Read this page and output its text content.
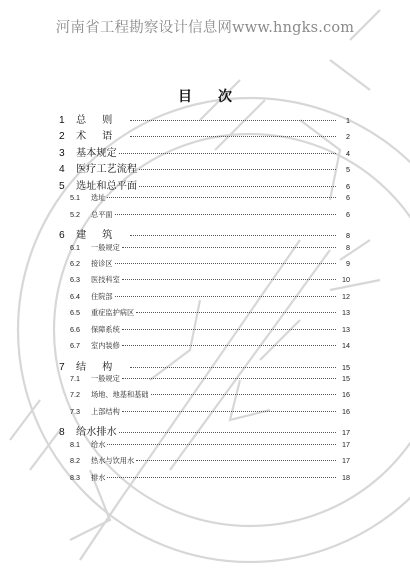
河南省工程勘察设计信息网www.hngks.com
目次
1	总则	1
2	术语	2
3	基本规定	4
4	医疗工艺流程	5
5	选址和总平面	6
5.1	选址	6
5.2	总平面	6
6	建筑	8
6.1	一般规定	8
6.2	接诊区	9
6.3	医技科室	10
6.4	住院部	12
6.5	重症监护病区	13
6.6	保障系统	13
6.7	室内装修	14
7	结构	15
7.1	一般规定	15
7.2	场地、地基和基础	16
7.3	上部结构	16
8	给水排水	17
8.1	给水	17
8.2	热水与饮用水	17
8.3	排水	18
